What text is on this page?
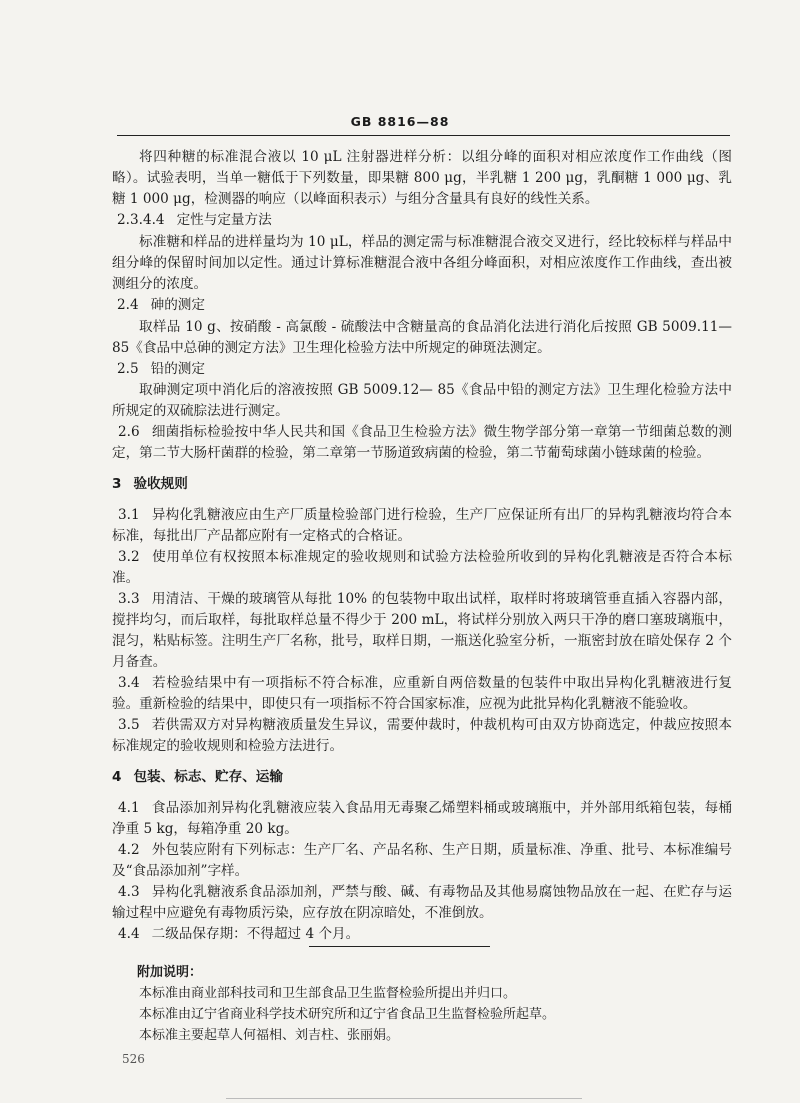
GB 8816—88
将四种糖的标准混合液以 10 μL 注射器进样分析：以组分峰的面积对相应浓度作工作曲线（图略）。试验表明，当单一糖低于下列数量，即果糖 800 μg，半乳糖 1 200 μg，乳酮糖 1 000 μg、乳糖 1 000 μg，检测器的响应（以峰面积表示）与组分含量具有良好的线性关系。
2.3.4.4 定性与定量方法
标准糖和样品的进样量均为 10 μL，样品的测定需与标准糖混合液交叉进行，经比较标样与样品中组分峰的保留时间加以定性。通过计算标准糖混合液中各组分峰面积，对相应浓度作工作曲线，查出被测组分的浓度。
2.4 砷的测定
取样品 10 g、按硝酸 - 高氯酸 - 硫酸法中含糖量高的食品消化法进行消化后按照 GB 5009.11— 85《食品中总砷的测定方法》卫生理化检验方法中所规定的砷斑法测定。
2.5 铅的测定
取砷测定项中消化后的溶液按照 GB 5009.12— 85《食品中铅的测定方法》卫生理化检验方法中所规定的双硫腙法进行测定。
2.6 细菌指标检验按中华人民共和国《食品卫生检验方法》微生物学部分第一章第一节细菌总数的测定，第二节大肠杆菌群的检验，第二章第一节肠道致病菌的检验，第二节葡萄球菌小链球菌的检验。
3 验收规则
3.1 异构化乳糖液应由生产厂质量检验部门进行检验，生产厂应保证所有出厂的异构乳糖液均符合本标准，每批出厂产品都应附有一定格式的合格证。
3.2 使用单位有权按照本标准规定的验收规则和试验方法检验所收到的异构化乳糖液是否符合本标准。
3.3 用清洁、干燥的玻璃管从每批 10% 的包装物中取出试样，取样时将玻璃管垂直插入容器内部，搅拌均匀，而后取样，每批取样总量不得少于 200 mL，将试样分别放入两只干净的磨口塞玻璃瓶中，混匀，粘贴标签。注明生产厂名称，批号，取样日期，一瓶送化验室分析，一瓶密封放在暗处保存 2 个月备查。
3.4 若检验结果中有一项指标不符合标准，应重新自两倍数量的包装件中取出异构化乳糖液进行复验。重新检验的结果中，即使只有一项指标不符合国家标准，应视为此批异构化乳糖液不能验收。
3.5 若供需双方对异构糖液质量发生异议，需要仲裁时，仲裁机构可由双方协商选定，仲裁应按照本标准规定的验收规则和检验方法进行。
4 包装、标志、贮存、运输
4.1 食品添加剂异构化乳糖液应装入食品用无毒聚乙烯塑料桶或玻璃瓶中，并外部用纸箱包装，每桶净重 5 kg，每箱净重 20 kg。
4.2 外包装应附有下列标志：生产厂名、产品名称、生产日期，质量标准、净重、批号、本标准编号及“食品添加剂”字样。
4.3 异构化乳糖液系食品添加剂，严禁与酸、碱、有毒物品及其他易腐蚀物品放在一起、在贮存与运输过程中应避免有毒物质污染，应存放在阴凉暗处，不准倒放。
4.4 二级品保存期：不得超过 4 个月。
附加说明：
本标准由商业部科技司和卫生部食品卫生监督检验所提出并归口。
本标准由辽宁省商业科学技术研究所和辽宁省食品卫生监督检验所起草。
本标准主要起草人何福相、刘吉柱、张丽娟。
526
